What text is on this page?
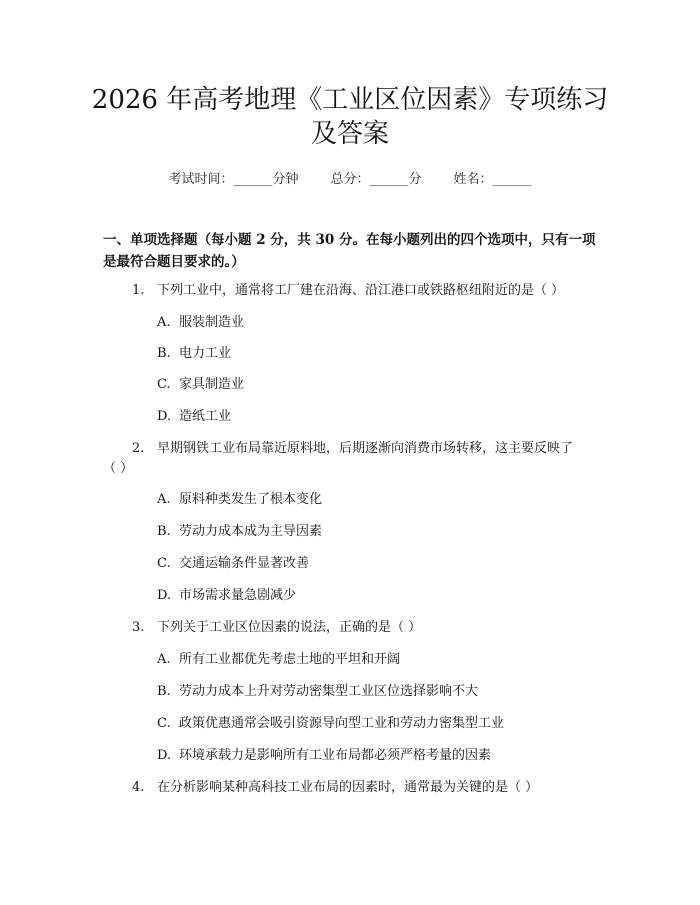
2026 年高考地理《工业区位因素》专项练习
及答案
考试时间：______分钟 总分：______分 姓名：______
一、单项选择题（每小题 2 分，共 30 分。在每小题列出的四个选项中，只有一项
是最符合题目要求的。）
1. 下列工业中，通常将工厂建在沿海、沿江港口或铁路枢纽附近的是（ ）
A. 服装制造业
B. 电力工业
C. 家具制造业
D. 造纸工业
2. 早期钢铁工业布局靠近原料地，后期逐渐向消费市场转移，这主要反映了
（ ）
A. 原料种类发生了根本变化
B. 劳动力成本成为主导因素
C. 交通运输条件显著改善
D. 市场需求量急剧减少
3. 下列关于工业区位因素的说法，正确的是（ ）
A. 所有工业都优先考虑土地的平坦和开阔
B. 劳动力成本上升对劳动密集型工业区位选择影响不大
C. 政策优惠通常会吸引资源导向型工业和劳动力密集型工业
D. 环境承载力是影响所有工业布局都必须严格考量的因素
4. 在分析影响某种高科技工业布局的因素时，通常最为关键的是（ ）
